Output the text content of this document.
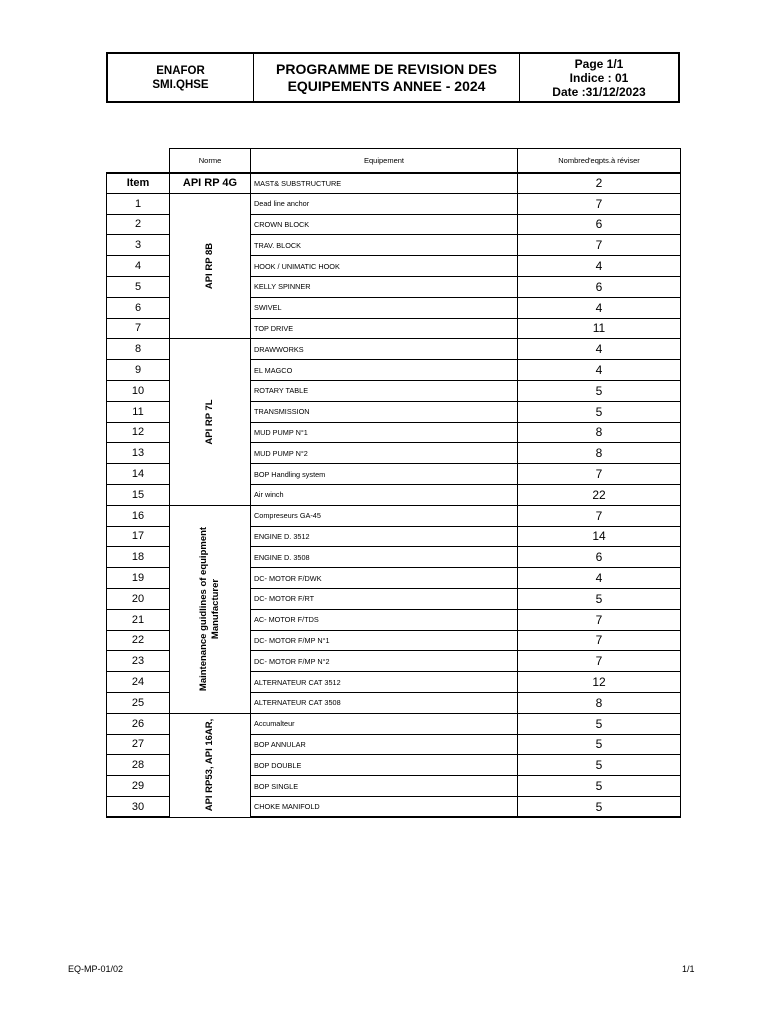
ENAFOR
SMI.QHSE
PROGRAMME DE REVISION DES
EQUIPEMENTS ANNEE - 2024
Page 1/1
Indice : 01
Date :31/12/2023
	Norme	Equipement	Nombred'eqpts.à réviser
Item	API RP 4G	MAST& SUBSTRUCTURE	2
1	API RP 8B	Dead line anchor	7
2		CROWN BLOCK	6
3		TRAV. BLOCK	7
4		HOOK / UNIMATIC HOOK	4
5		KELLY SPINNER	6
6		SWIVEL	4
7		TOP DRIVE	11
8	API RP 7L	DRAWWORKS	4
9		EL MAGCO	4
10		ROTARY TABLE	5
11		TRANSMISSION	5
12		MUD PUMP N°1	8
13		MUD PUMP N°2	8
14		BOP Handling system	7
15		Air winch	22
16	Maintenance guidlines of equipment Manufacturer	Compreseurs GA-45	7
17		ENGINE D. 3512	14
18		ENGINE D. 3508	6
19		DC- MOTOR F/DWK	4
20		DC- MOTOR F/RT	5
21		AC- MOTOR F/TDS	7
22		DC- MOTOR F/MP N°1	7
23		DC- MOTOR F/MP N°2	7
24		ALTERNATEUR CAT 3512	12
25		ALTERNATEUR CAT 3508	8
26	API RP53, API 16AR,	Accumalteur	5
27		BOP ANNULAR	5
28		BOP DOUBLE	5
29		BOP SINGLE	5
30		CHOKE MANIFOLD	5
EQ-MP-01/02	1/1
